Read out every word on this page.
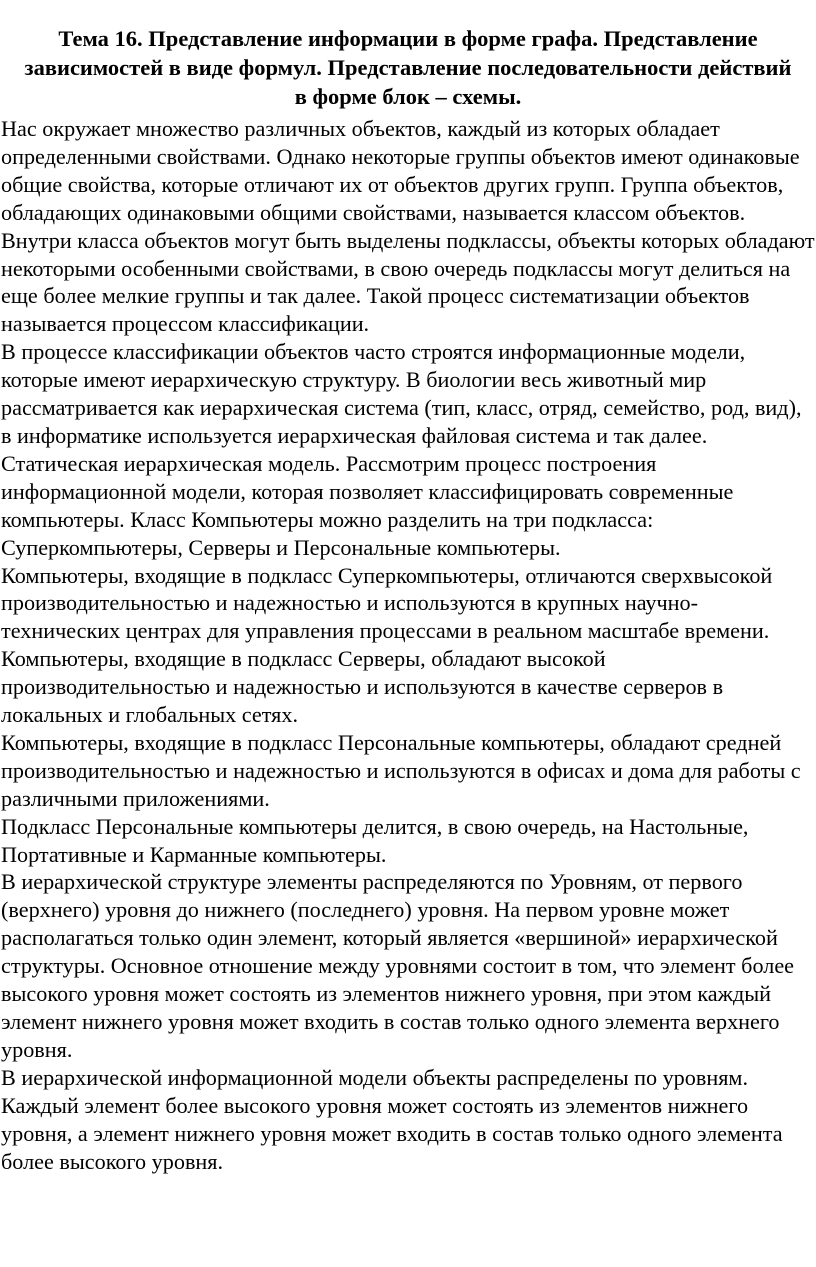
Тема 16. Представление информации в форме графа. Представление зависимостей в виде формул. Представление последовательности действий в форме блок – схемы.

Нас окружает множество различных объектов, каждый из которых обладает определенными свойствами. Однако некоторые группы объектов имеют одинаковые общие свойства, которые отличают их от объектов других групп. Группа объектов, обладающих одинаковыми общими свойствами, называется классом объектов. Внутри класса объектов могут быть выделены подклассы, объекты которых обладают некоторыми особенными свойствами, в свою очередь подклассы могут делиться на еще более мелкие группы и так далее. Такой процесс систематизации объектов называется процессом классификации.

В процессе классификации объектов часто строятся информационные модели, которые имеют иерархическую структуру. В биологии весь животный мир рассматривается как иерархическая система (тип, класс, отряд, семейство, род, вид), в информатике используется иерархическая файловая система и так далее.

Статическая иерархическая модель. Рассмотрим процесс построения информационной модели, которая позволяет классифицировать современные компьютеры. Класс Компьютеры можно разделить на три подкласса: Суперкомпьютеры, Серверы и Персональные компьютеры.

Компьютеры, входящие в подкласс Суперкомпьютеры, отличаются сверхвысокой производительностью и надежностью и используются в крупных научно-технических центрах для управления процессами в реальном масштабе времени.

Компьютеры, входящие в подкласс Серверы, обладают высокой производительностью и надежностью и используются в качестве серверов в локальных и глобальных сетях.

Компьютеры, входящие в подкласс Персональные компьютеры, обладают средней производительностью и надежностью и используются в офисах и дома для работы с различными приложениями.

Подкласс Персональные компьютеры делится, в свою очередь, на Настольные, Портативные и Карманные компьютеры.

В иерархической структуре элементы распределяются по Уровням, от первого (верхнего) уровня до нижнего (последнего) уровня. На первом уровне может располагаться только один элемент, который является «вершиной» иерархической структуры. Основное отношение между уровнями состоит в том, что элемент более высокого уровня может состоять из элементов нижнего уровня, при этом каждый элемент нижнего уровня может входить в состав только одного элемента верхнего уровня.

В иерархической информационной модели объекты распределены по уровням. Каждый элемент более высокого уровня может состоять из элементов нижнего уровня, а элемент нижнего уровня может входить в состав только одного элемента более высокого уровня.
